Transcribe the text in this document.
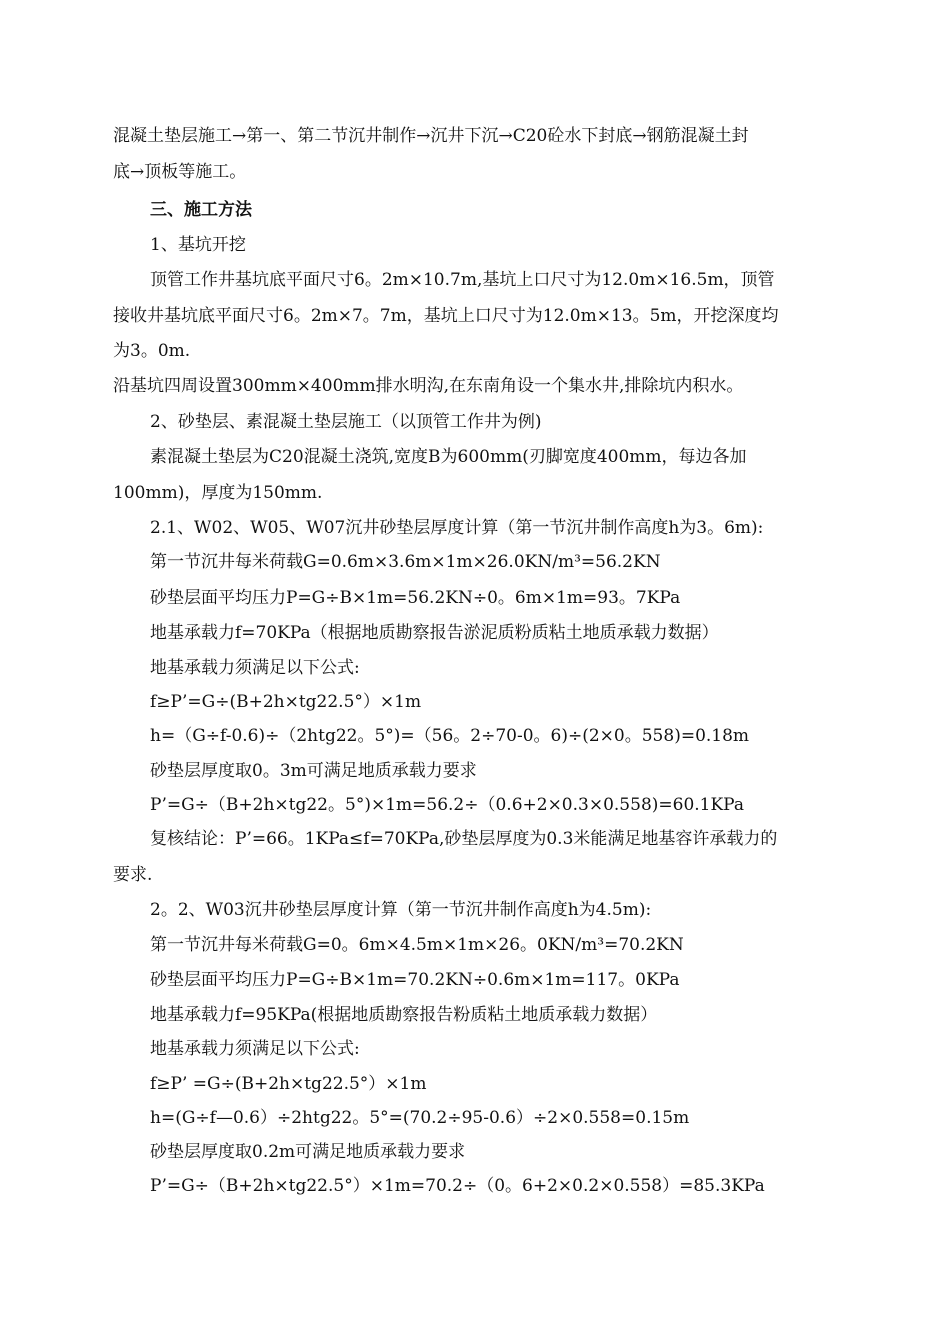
混凝土垫层施工→第一、第二节沉井制作→沉井下沉→C20砼水下封底→钢筋混凝土封
底→顶板等施工。
三、施工方法
1、基坑开挖
顶管工作井基坑底平面尺寸6。2m×10.7m,基坑上口尺寸为12.0m×16.5m，顶管
接收井基坑底平面尺寸6。2m×7。7m，基坑上口尺寸为12.0m×13。5m，开挖深度均
为3。0m.
沿基坑四周设置300mm×400mm排水明沟,在东南角设一个集水井,排除坑内积水。
2、砂垫层、素混凝土垫层施工（以顶管工作井为例)
素混凝土垫层为C20混凝土浇筑,宽度B为600mm(刃脚宽度400mm，每边各加
100mm)，厚度为150mm.
2.1、W02、W05、W07沉井砂垫层厚度计算（第一节沉井制作高度h为3。6m):
第一节沉井每米荷载G=0.6m×3.6m×1m×26.0KN/m³=56.2KN
砂垫层面平均压力P=G÷B×1m=56.2KN÷0。6m×1m=93。7KPa
地基承载力f=70KPa（根据地质勘察报告淤泥质粉质粘土地质承载力数据）
地基承载力须满足以下公式:
f≥P’=G÷(B+2h×tg22.5°）×1m
h=（G÷f-0.6)÷（2htg22。5°)=（56。2÷70-0。6)÷(2×0。558)=0.18m
砂垫层厚度取0。3m可满足地质承载力要求
P’=G÷（B+2h×tg22。5°)×1m=56.2÷（0.6+2×0.3×0.558)=60.1KPa
复核结论：P’=66。1KPa≤f=70KPa,砂垫层厚度为0.3米能满足地基容许承载力的
要求.
2。2、W03沉井砂垫层厚度计算（第一节沉井制作高度h为4.5m):
第一节沉井每米荷载G=0。6m×4.5m×1m×26。0KN/m³=70.2KN
砂垫层面平均压力P=G÷B×1m=70.2KN÷0.6m×1m=117。0KPa
地基承载力f=95KPa(根据地质勘察报告粉质粘土地质承载力数据）
地基承载力须满足以下公式:
f≥P’ =G÷(B+2h×tg22.5°）×1m
h=(G÷f—0.6）÷2htg22。5°=(70.2÷95-0.6）÷2×0.558=0.15m
砂垫层厚度取0.2m可满足地质承载力要求
P’=G÷（B+2h×tg22.5°）×1m=70.2÷（0。6+2×0.2×0.558）=85.3KPa
